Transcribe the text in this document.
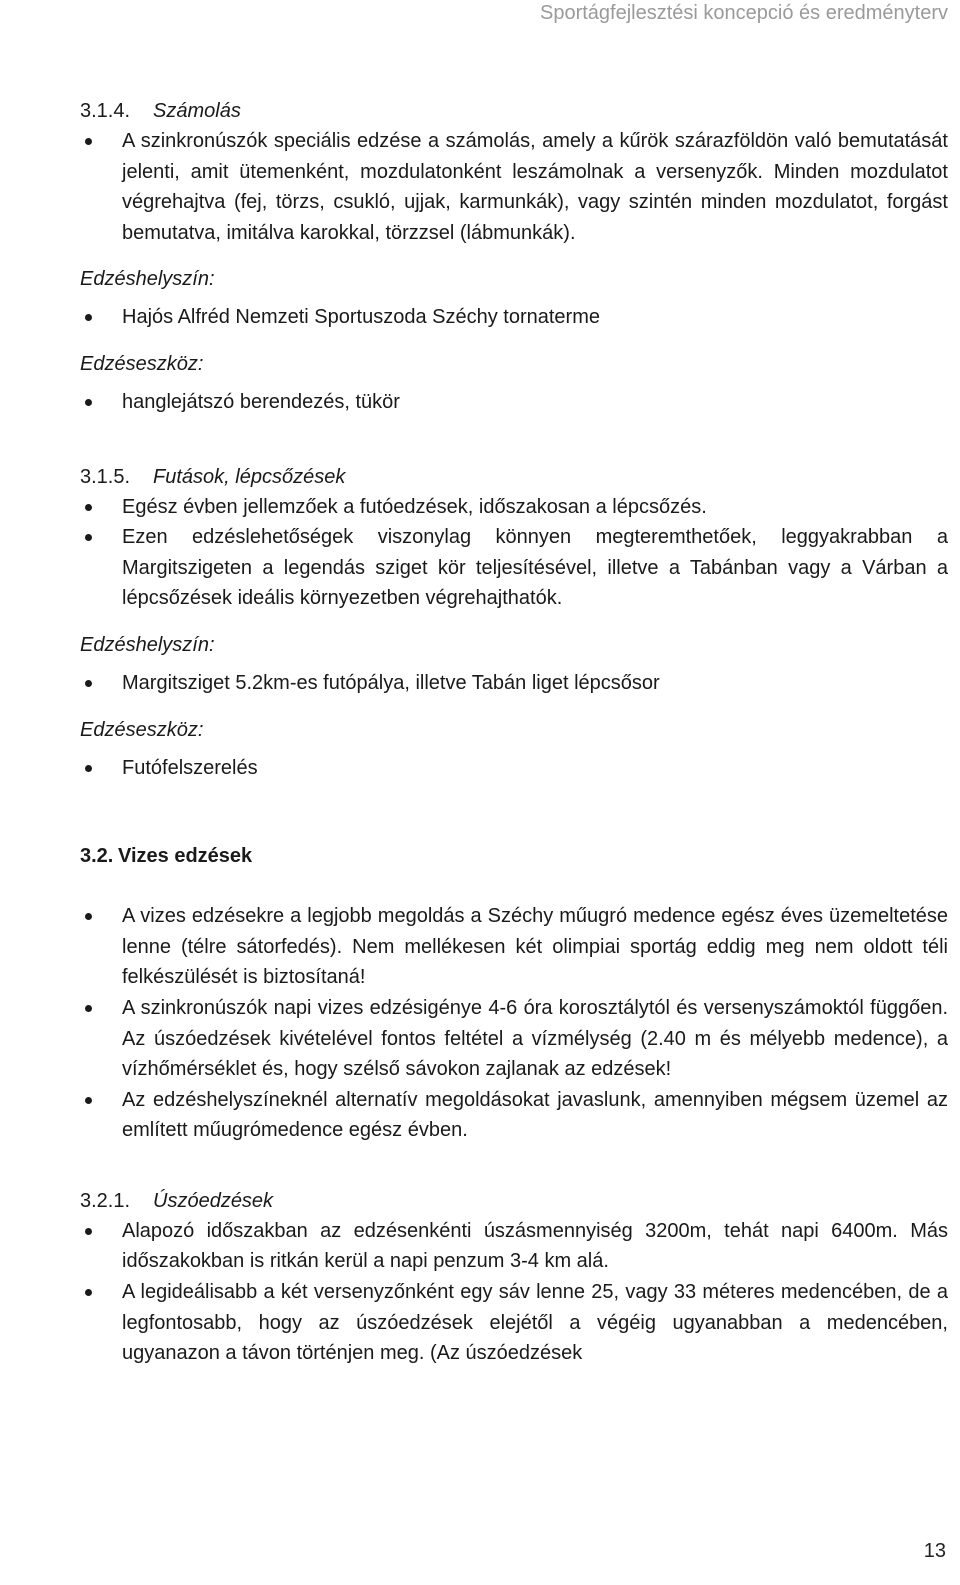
Sportágfejlesztési koncepció és eredményterv
3.1.4.	Számolás
A szinkronúszók speciális edzése a számolás, amely a kűrök szárazföldön való bemutatását jelenti, amit ütemenként, mozdulatonként leszámolnak a versenyzők. Minden mozdulatot végrehajtva (fej, törzs, csukló, ujjak, karmunkák), vagy szintén minden mozdulatot, forgást bemutatva, imitálva karokkal, törzzsel (lábmunkák).

Edzéshelyszín:

Hajós Alfréd Nemzeti Sportuszoda Széchy tornaterme

Edzéseszköz:

hanglejátszó berendezés, tükör
3.1.5.	Futások, lépcsőzések
Egész évben jellemzőek a futóedzések, időszakosan a lépcsőzés.
Ezen edzéslehetőségek viszonylag könnyen megteremthetőek, leggyakrabban a Margitszigeten a legendás sziget kör teljesítésével, illetve a Tabánban vagy a Várban a lépcsőzések ideális környezetben végrehajthatók.

Edzéshelyszín:

Margitsziget 5.2km-es futópálya, illetve Tabán liget lépcsősor

Edzéseszköz:

Futófelszerelés
3.2. Vizes edzések
A vizes edzésekre a legjobb megoldás a Széchy műugró medence egész éves üzemeltetése lenne (télre sátorfedés). Nem mellékesen két olimpiai sportág eddig meg nem oldott téli felkészülését is biztosítaná!
A szinkronúszók napi vizes edzésigénye 4-6 óra korosztálytól és versenyszámoktól függően. Az úszóedzések kivételével fontos feltétel a vízmélység (2.40 m és mélyebb medence), a vízhőmérséklet és, hogy szélső sávokon zajlanak az edzések!
Az edzéshelyszíneknél alternatív megoldásokat javaslunk, amennyiben mégsem üzemel az említett műugrómedence egész évben.
3.2.1.	Úszóedzések
Alapozó időszakban az edzésenkénti úszásmennyiség 3200m, tehát napi 6400m. Más időszakokban is ritkán kerül a napi penzum 3-4 km alá.
A legideálisabb a két versenyzőnként egy sáv lenne 25, vagy 33 méteres medencében, de a legfontosabb, hogy az úszóedzések elejétől a végéig ugyanabban a medencében, ugyanazon a távon történjen meg. (Az úszóedzések
13
